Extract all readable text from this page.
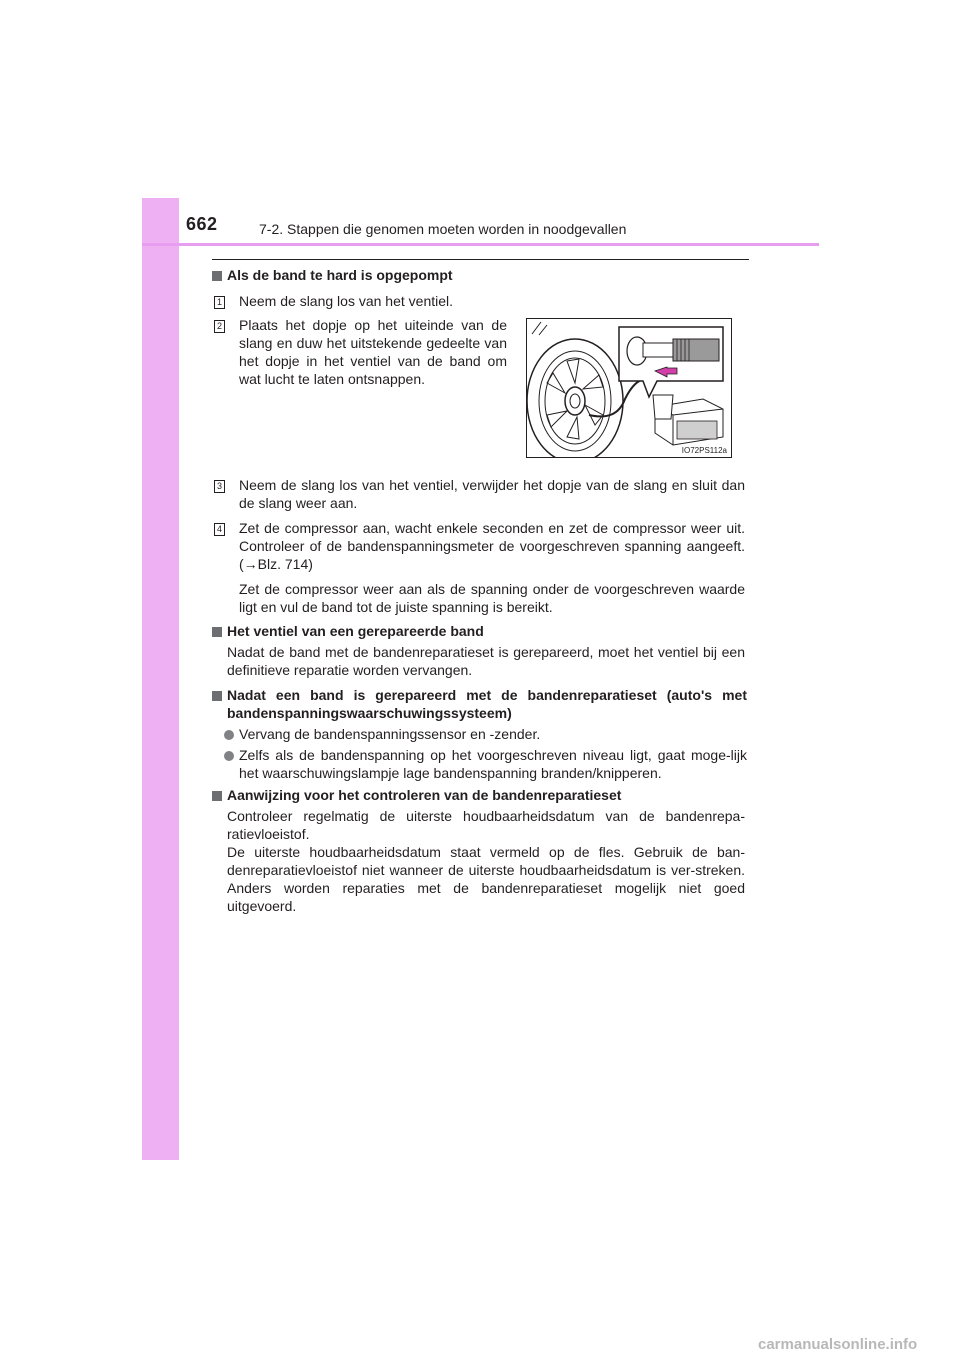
662	7-2. Stappen die genomen moeten worden in noodgevallen
Als de band te hard is opgepompt
1 Neem de slang los van het ventiel.
2 Plaats het dopje op het uiteinde van de slang en duw het uitstekende gedeelte van het dopje in het ventiel van de band om wat lucht te laten ontsnappen.
IO72PS112a
3 Neem de slang los van het ventiel, verwijder het dopje van de slang en sluit dan de slang weer aan.
4 Zet de compressor aan, wacht enkele seconden en zet de compressor weer uit. Controleer of de bandenspanningsmeter de voorgeschreven spanning aangeeft. (→Blz. 714)
Zet de compressor weer aan als de spanning onder de voorgeschreven waarde ligt en vul de band tot de juiste spanning is bereikt.
Het ventiel van een gerepareerde band
Nadat de band met de bandenreparatieset is gerepareerd, moet het ventiel bij een definitieve reparatie worden vervangen.
Nadat een band is gerepareerd met de bandenreparatieset (auto's met bandenspanningswaarschuwingssysteem)
Vervang de bandenspanningssensor en -zender.
Zelfs als de bandenspanning op het voorgeschreven niveau ligt, gaat moge-lijk het waarschuwingslampje lage bandenspanning branden/knipperen.
Aanwijzing voor het controleren van de bandenreparatieset
Controleer regelmatig de uiterste houdbaarheidsdatum van de bandenrepa-ratievloeistof.
De uiterste houdbaarheidsdatum staat vermeld op de fles. Gebruik de ban-denreparatievloeistof niet wanneer de uiterste houdbaarheidsdatum is ver-streken. Anders worden reparaties met de bandenreparatieset mogelijk niet goed uitgevoerd.
carmanualsonline.info
